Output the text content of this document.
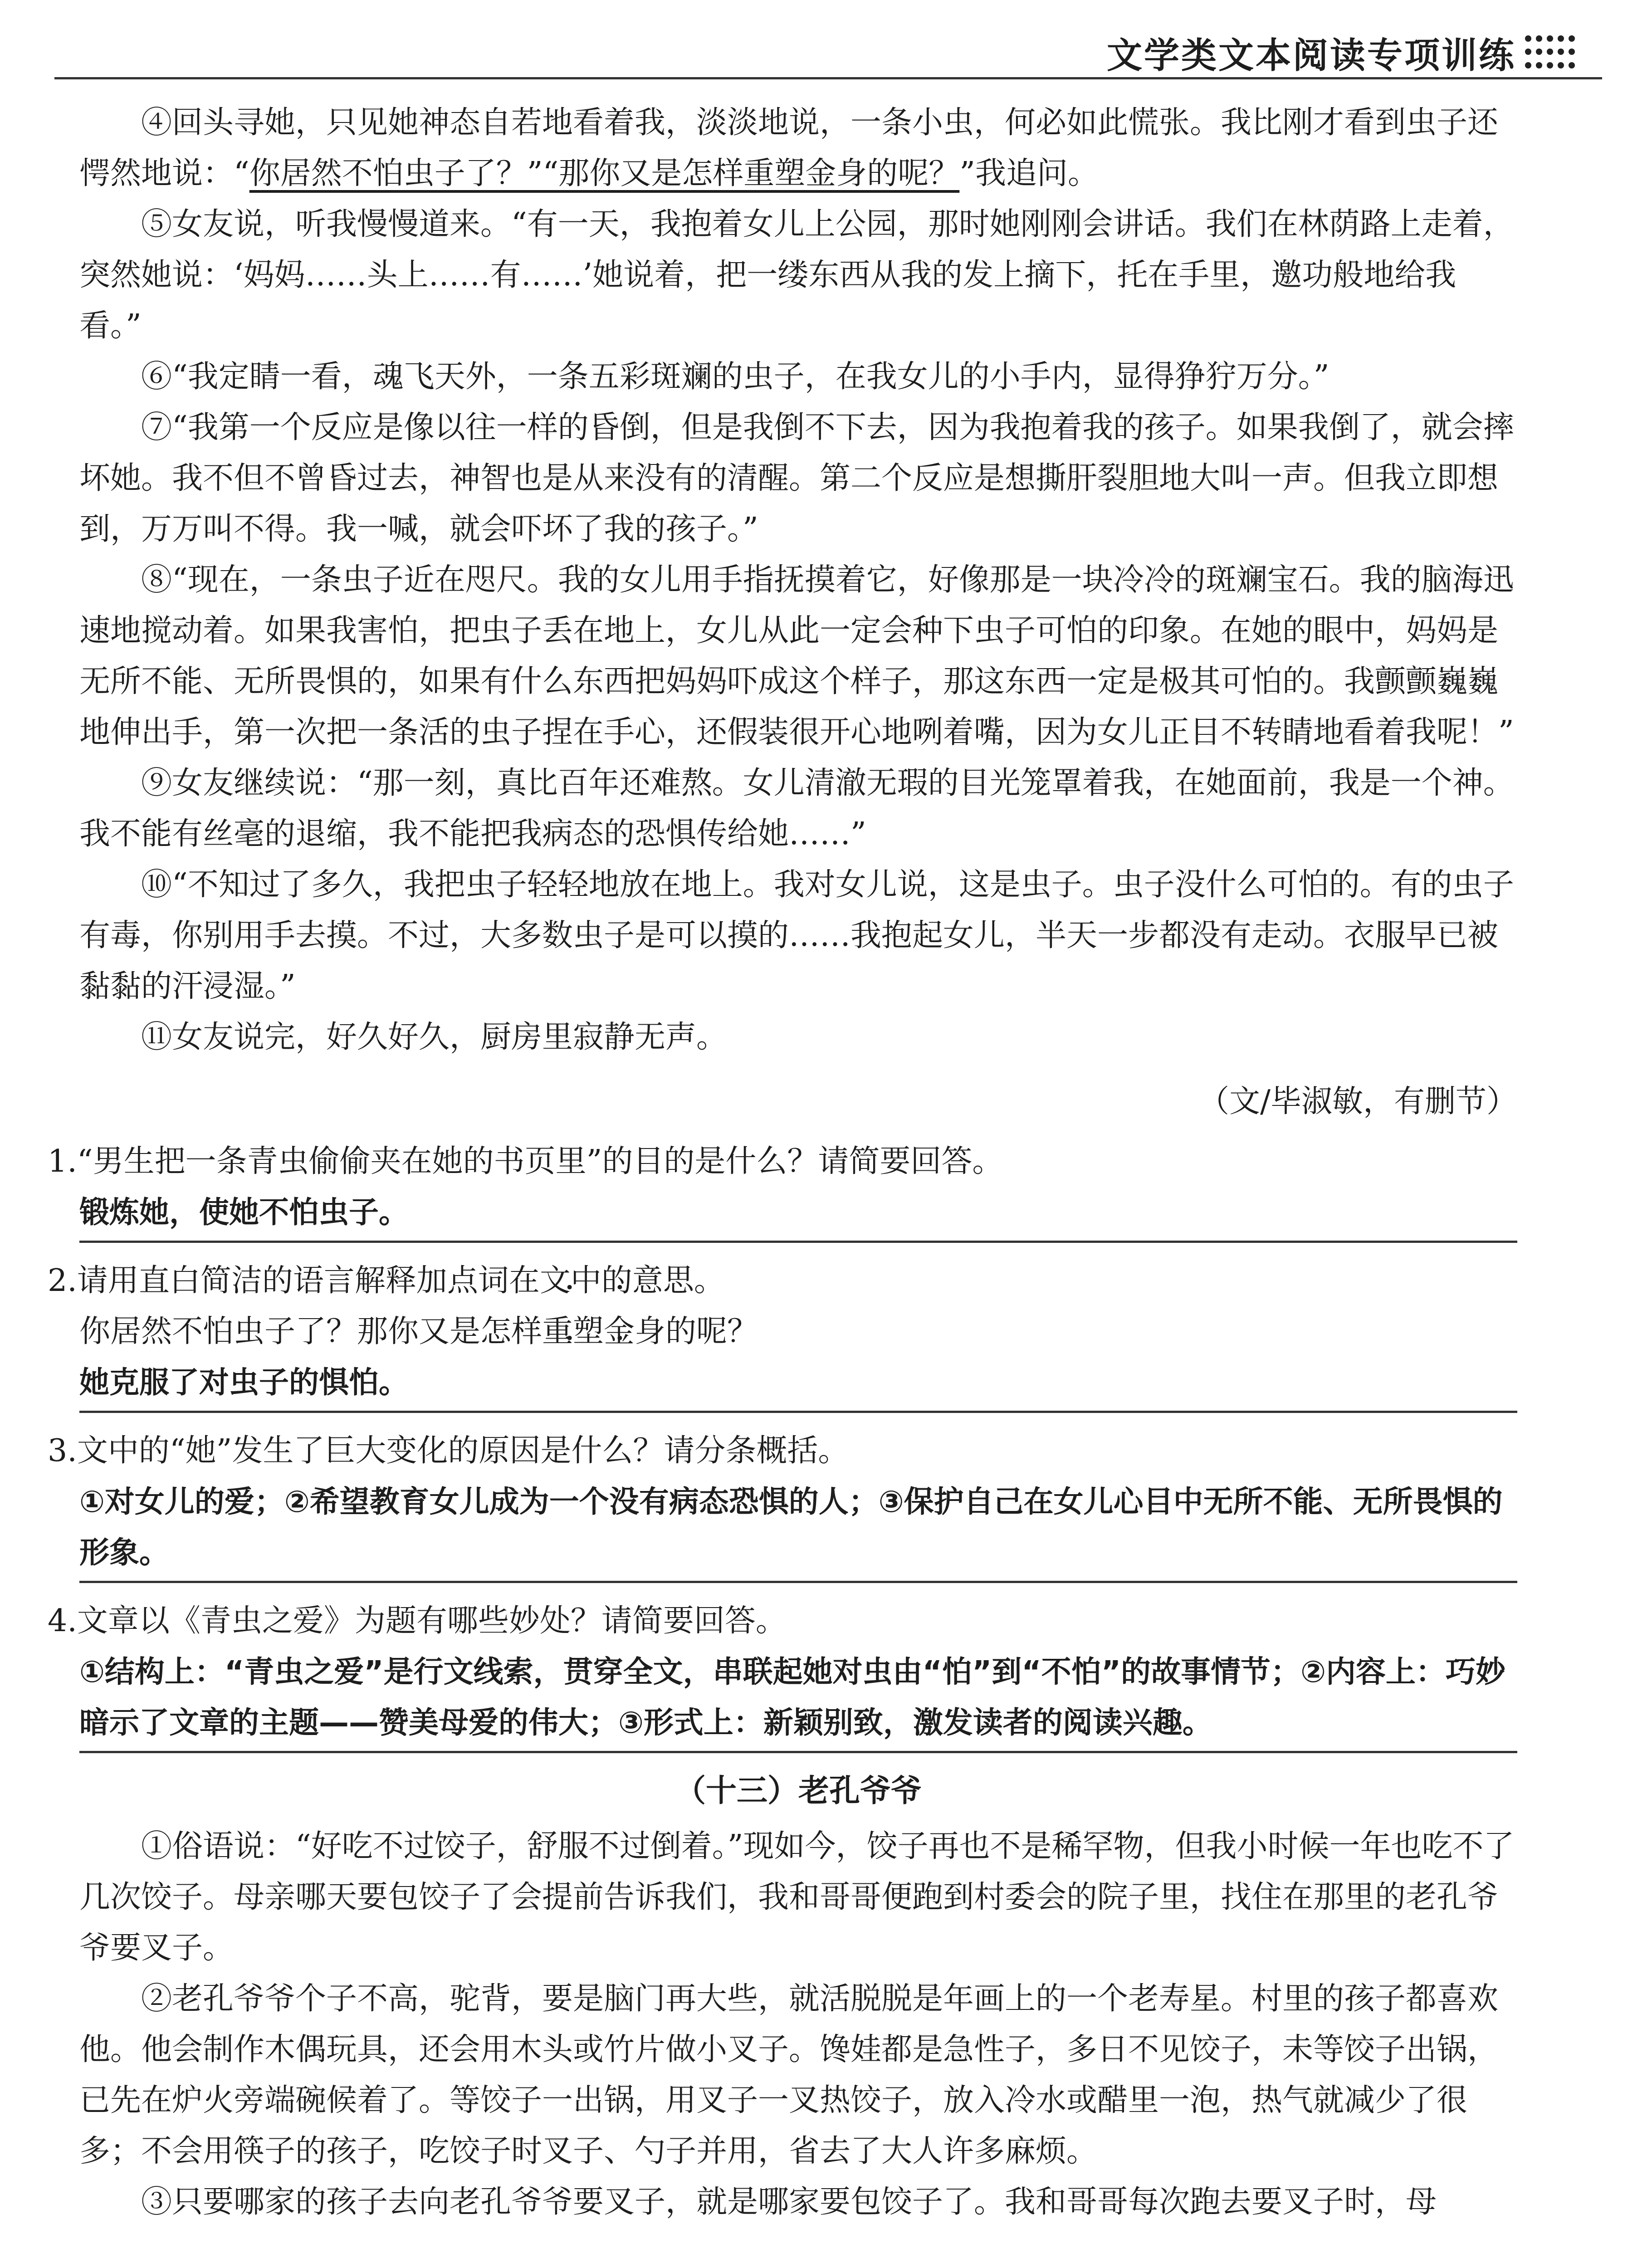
文学类文本阅读专项训练

④回头寻她，只见她神态自若地看着我，淡淡地说，一条小虫，何必如此慌张。我比刚才看到虫子还愕然地说：“你居然不怕虫子了？”“那你又是怎样重塑金身的呢？”我追问。

⑤女友说，听我慢慢道来。“有一天，我抱着女儿上公园，那时她刚刚会讲话。我们在林荫路上走着，突然她说：‘妈妈……头上……有……’她说着，把一缕东西从我的发上摘下，托在手里，邀功般地给我看。”

⑥“我定睛一看，魂飞天外，一条五彩斑斓的虫子，在我女儿的小手内，显得狰狞万分。”

⑦“我第一个反应是像以往一样的昏倒，但是我倒不下去，因为我抱着我的孩子。如果我倒了，就会摔坏她。我不但不曾昏过去，神智也是从来没有的清醒。第二个反应是想撕肝裂胆地大叫一声。但我立即想到，万万叫不得。我一喊，就会吓坏了我的孩子。”

⑧“现在，一条虫子近在咫尺。我的女儿用手指抚摸着它，好像那是一块冷冷的斑斓宝石。我的脑海迅速地搅动着。如果我害怕，把虫子丢在地上，女儿从此一定会种下虫子可怕的印象。在她的眼中，妈妈是无所不能、无所畏惧的，如果有什么东西把妈妈吓成这个样子，那这东西一定是极其可怕的。我颤颤巍巍地伸出手，第一次把一条活的虫子捏在手心，还假装很开心地咧着嘴，因为女儿正目不转睛地看着我呢！”

⑨女友继续说：“那一刻，真比百年还难熬。女儿清澈无瑕的目光笼罩着我，在她面前，我是一个神。我不能有丝毫的退缩，我不能把我病态的恐惧传给她……”

⑩“不知过了多久，我把虫子轻轻地放在地上。我对女儿说，这是虫子。虫子没什么可怕的。有的虫子有毒，你别用手去摸。不过，大多数虫子是可以摸的……我抱起女儿，半天一步都没有走动。衣服早已被黏黏的汗浸湿。”

⑪女友说完，好久好久，厨房里寂静无声。

（文/毕淑敏，有删节）

1.“男生把一条青虫偷偷夹在她的书页里”的目的是什么？请简要回答。

锻炼她，使她不怕虫子。

2.请用直白简洁的语言解释加点词在文中的意思。

你居然不怕虫子了？那你又是怎样重塑金身 • • • •的呢？

她克服了对虫子的惧怕。

3.文中的“她”发生了巨大变化的原因是什么？请分条概括。

①对女儿的爱；②希望教育女儿成为一个没有病态恐惧的人；③保护自己在女儿心目中无所不能、无所畏惧的形象。

4.文章以《青虫之爱》为题有哪些妙处？请简要回答。

①结构上：“青虫之爱”是行文线索，贯穿全文，串联起她对虫由“怕”到“不怕”的故事情节；②内容上：巧妙暗示了文章的主题——赞美母爱的伟大；③形式上：新颖别致，激发读者的阅读兴趣。

（十三）老孔爷爷

①俗语说：“好吃不过饺子，舒服不过倒着。”现如今，饺子再也不是稀罕物，但我小时候一年也吃不了几次饺子。母亲哪天要包饺子了会提前告诉我们，我和哥哥便跑到村委会的院子里，找住在那里的老孔爷爷要叉子。

②老孔爷爷个子不高，驼背，要是脑门再大些，就活脱脱是年画上的一个老寿星。村里的孩子都喜欢他。他会制作木偶玩具，还会用木头或竹片做小叉子。馋娃都是急性子，多日不见饺子，未等饺子出锅，已先在炉火旁端碗候着了。等饺子一出锅，用叉子一叉热饺子，放入冷水或醋里一泡，热气就减少了很多；不会用筷子的孩子，吃饺子时叉子、勺子并用，省去了大人许多麻烦。

③只要哪家的孩子去向老孔爷爷要叉子，就是哪家要包饺子了。我和哥哥每次跑去要叉子时，母
